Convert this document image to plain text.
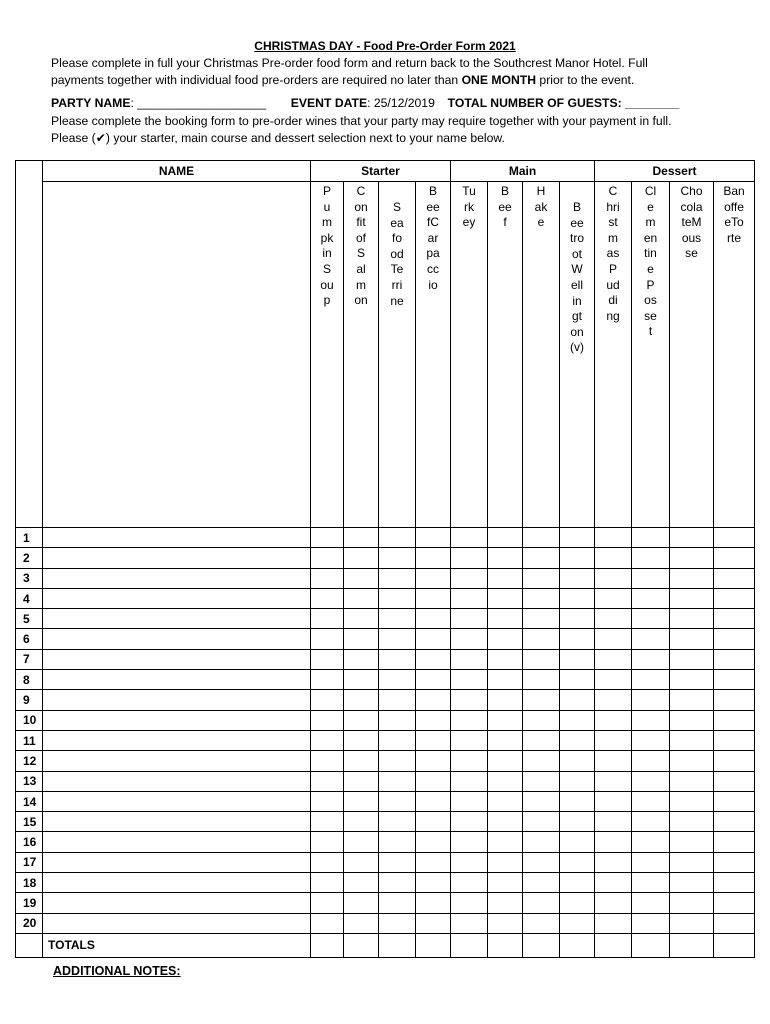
CHRISTMAS DAY - Food Pre-Order Form 2021
Please complete in full your Christmas Pre-order food form and return back to the Southcrest Manor Hotel. Full
payments together with individual food pre-orders are required no later than ONE MONTH prior to the event.
PARTY NAME: ___________________ EVENT DATE: 25/12/2019 TOTAL NUMBER OF GUESTS: ________
Please complete the booking form to pre-order wines that your party may require together with your payment in full.
Please (✔) your starter, main course and dessert selection next to your name below.
	NAME	Starter				Main				Dessert			

		PumpkinSoup	ConfitofSalmon	SeafoodTerrine	BeefCarpaccio	Turkey	Beef	Hake	BeetrootWellington(v)	ChristmasPudding	ClementinePosset	ChocolateMousse	BanoffeeTorte

1													
2													
3													
4													
5													
6													
7													
8													
9													
10													
11													
12													
13													
14													
15													
16													
17													
18													
19													
20													
	TOTALS												
ADDITIONAL NOTES:
